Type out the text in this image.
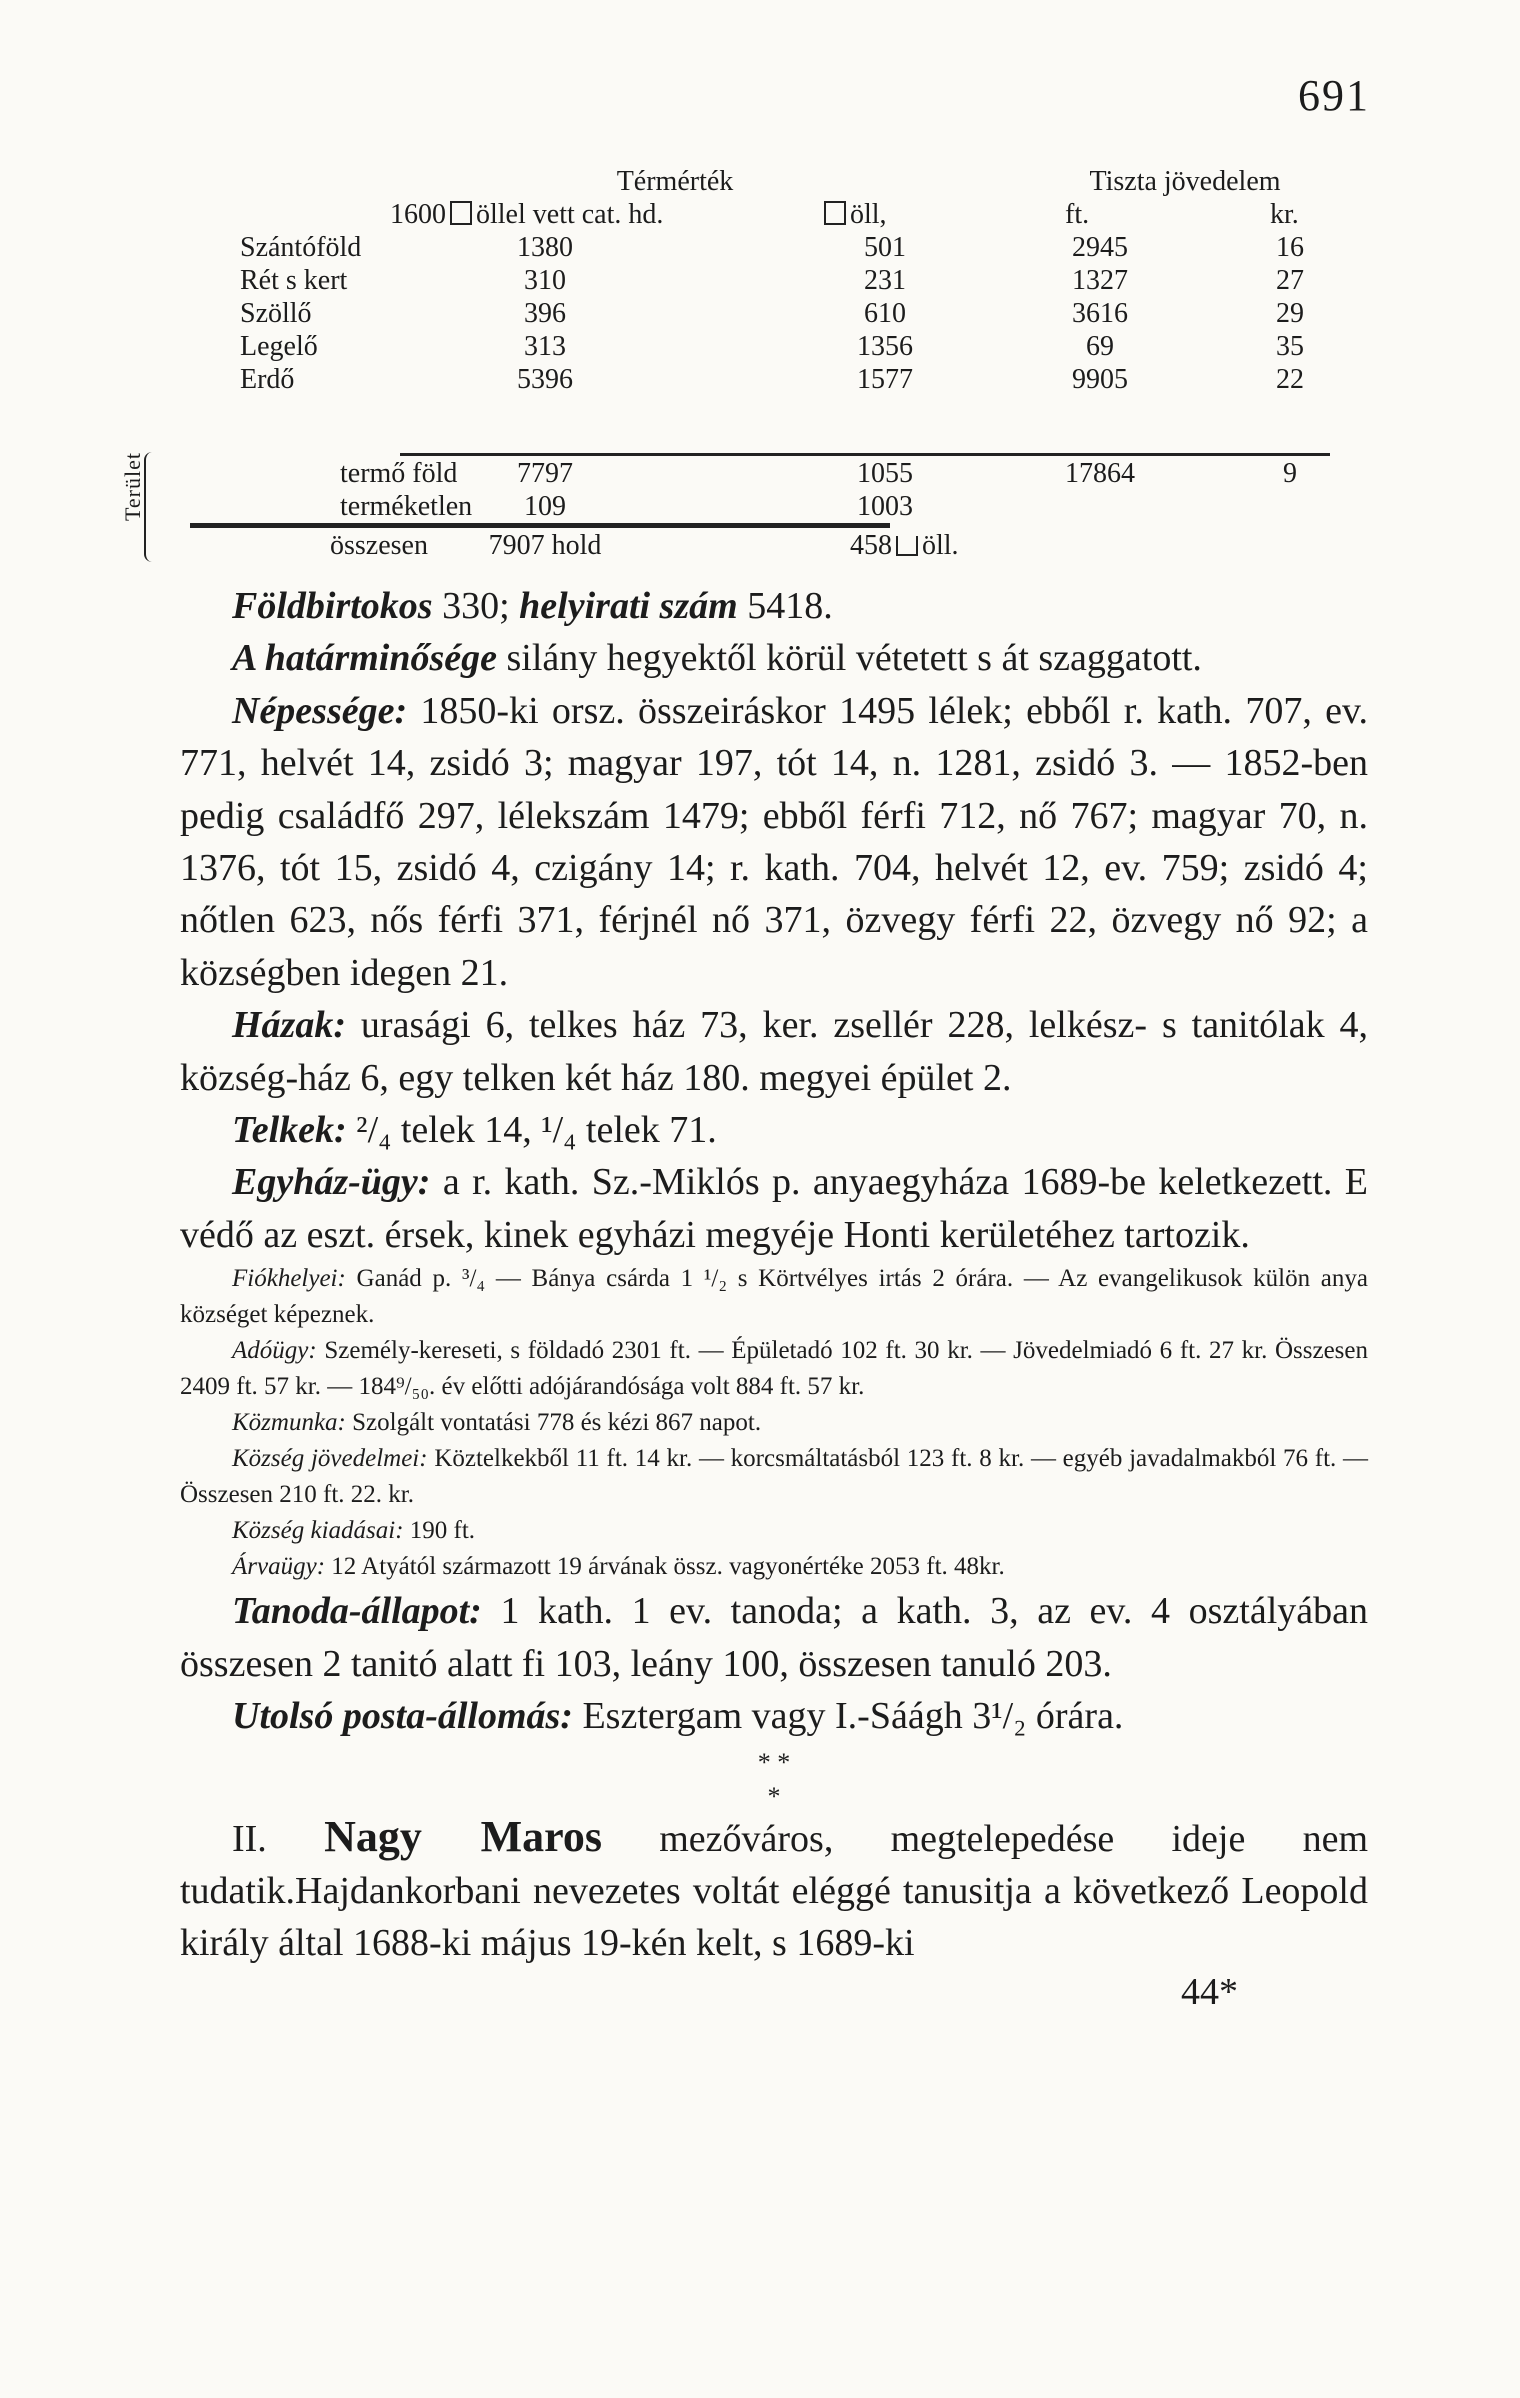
691
Térmérték	Tiszta jövedelem
1600 öllel vett cat. hd.	öll,	ft.	kr.
Szántóföld	1380	501	2945	16
Rét s kert	310	231	1327	27
Szöllő	396	610	3616	29
Legelő	313	1356	69	35
Erdő	5396	1577	9905	22
termő föld	7797	1055	17864	9
terméketlen	109	1003
összesen	7907 hold	458 öll.
Terület

Földbirtokos 330; helyirati szám 5418.

A határminősége silány hegyektől körül vétetett s át szaggatott.

Népessége: 1850-ki orsz. összeiráskor 1495 lélek; ebből r. kath. 707, ev. 771, helvét 14, zsidó 3; magyar 197, tót 14, n. 1281, zsidó 3. — 1852-ben pedig családfő 297, lélekszám 1479; ebből férfi 712, nő 767; magyar 70, n. 1376, tót 15, zsidó 4, czigány 14; r. kath. 704, helvét 12, ev. 759; zsidó 4; nőtlen 623, nős férfi 371, férjnél nő 371, özvegy férfi 22, özvegy nő 92; a községben idegen 21.

Házak: urasági 6, telkes ház 73, ker. zsellér 228, lelkész- s tanitólak 4, község-ház 6, egy telken két ház 180. megyei épület 2.

Telkek: ²/₄ telek 14, ¹/₄ telek 71.

Egyház-ügy: a r. kath. Sz.-Miklós p. anyaegyháza 1689-be keletkezett. E védő az eszt. érsek, kinek egyházi megyéje Honti kerületéhez tartozik.

Fiókhelyei: Ganád p. ³/₄ — Bánya csárda 1 ¹/₂ s Körtvélyes irtás 2 órára. — Az evangelikusok külön anya községet képeznek.

Adóügy: Személy-kereseti, s földadó 2301 ft. — Épületadó 102 ft. 30 kr. — Jövedelmiadó 6 ft. 27 kr. Összesen 2409 ft. 57 kr. — 184⁹/₅₀. év előtti adójárandósága volt 884 ft. 57 kr.

Közmunka: Szolgált vontatási 778 és kézi 867 napot.

Község jövedelmei: Köztelkekből 11 ft. 14 kr. — korcsmáltatásból 123 ft. 8 kr. — egyéb javadalmakból 76 ft. — Összesen 210 ft. 22. kr.

Község kiadásai: 190 ft.

Árvaügy: 12 Atyától származott 19 árvának össz. vagyonértéke 2053 ft. 48kr.

Tanoda-állapot: 1 kath. 1 ev. tanoda; a kath. 3, az ev. 4 osztályában összesen 2 tanitó alatt fi 103, leány 100, összesen tanuló 203.

Utolsó posta-állomás: Esztergam vagy I.-Sáágh 3¹/₂ órára.

* *

*

II. Nagy Maros mezőváros, megtelepedése ideje nem tudatik.Hajdankorbani nevezetes voltát eléggé tanusitja a következő Leopold király által 1688-ki május 19-kén kelt, s 1689-ki

44*
